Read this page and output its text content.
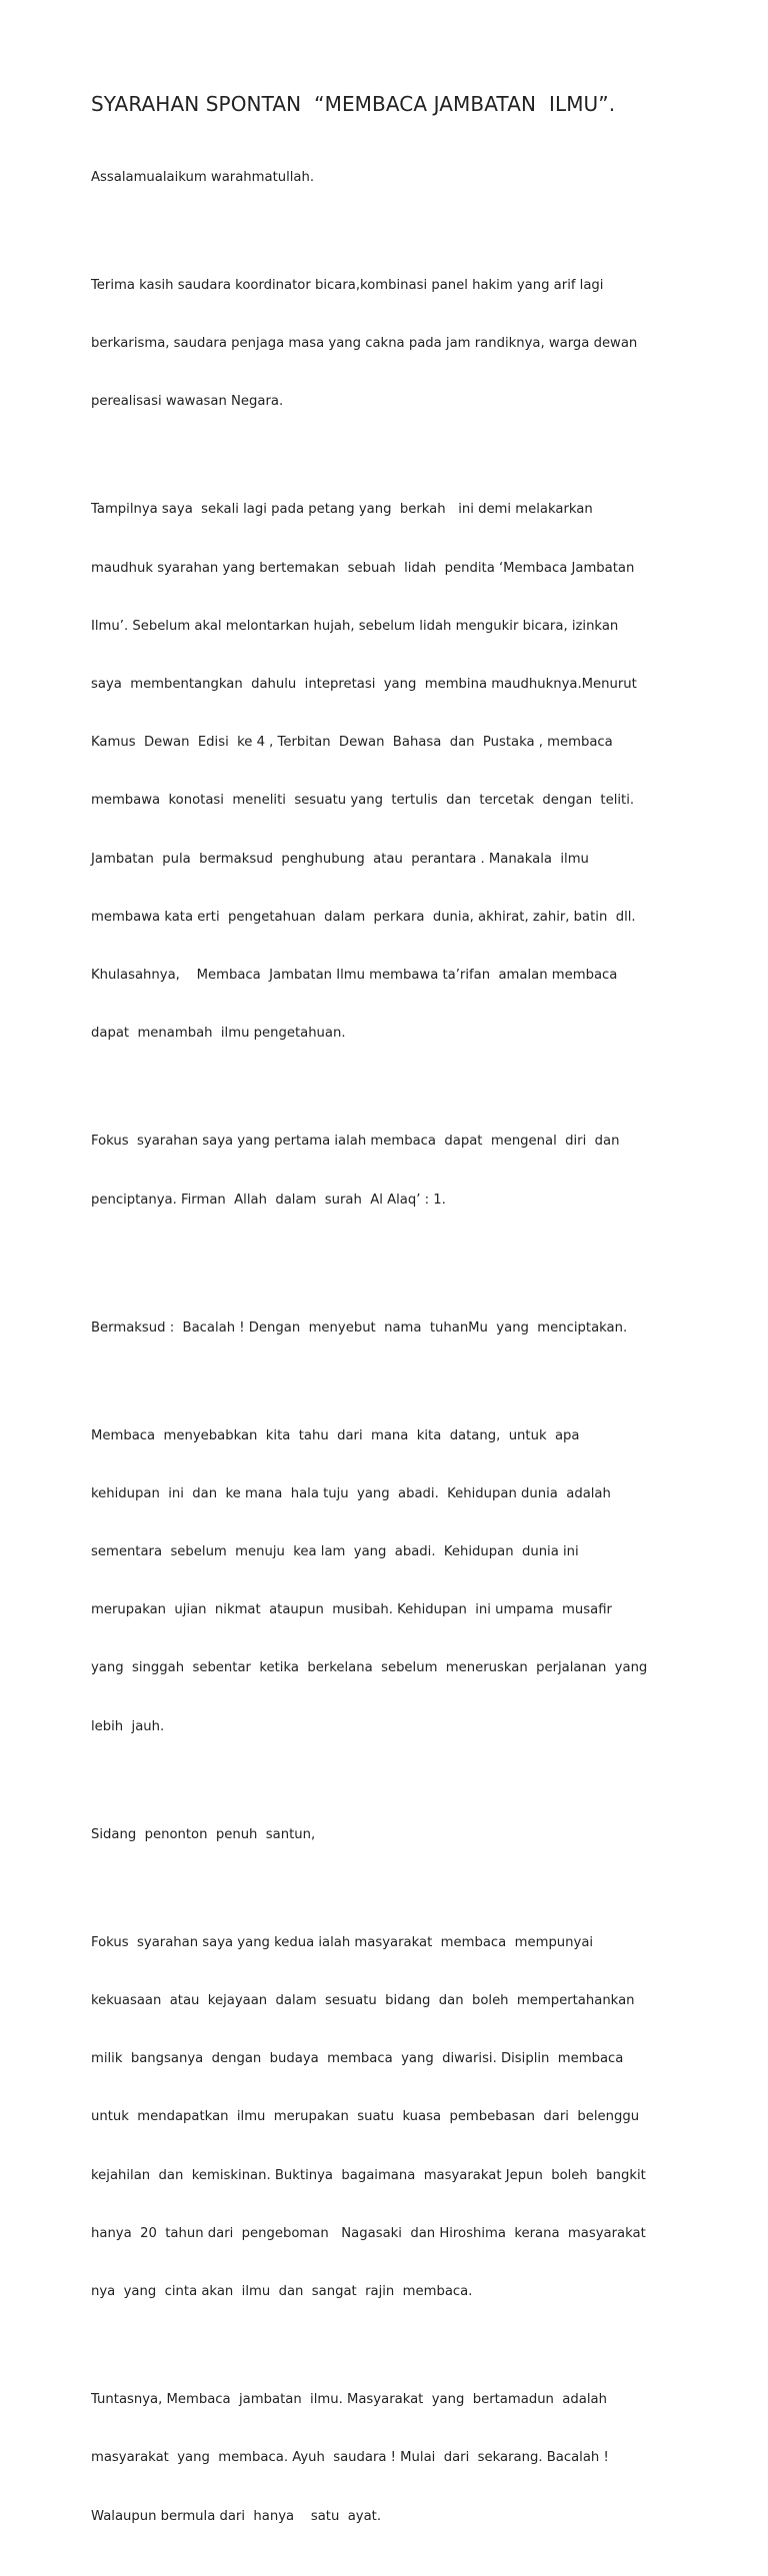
SYARAHAN SPONTAN  “MEMBACA JAMBATAN  ILMU”.

Assalamualaikum warahmatullah.

Terima kasih saudara koordinator bicara,kombinasi panel hakim yang arif lagi

berkarisma, saudara penjaga masa yang cakna pada jam randiknya, warga dewan

perealisasi wawasan Negara.

Tampilnya saya  sekali lagi pada petang yang  berkah   ini demi melakarkan

maudhuk syarahan yang bertemakan  sebuah  lidah  pendita ‘Membaca Jambatan

Ilmu’. Sebelum akal melontarkan hujah, sebelum lidah mengukir bicara, izinkan

saya  membentangkan  dahulu  intepretasi  yang  membina maudhuknya.Menurut

Kamus  Dewan  Edisi  ke 4 , Terbitan  Dewan  Bahasa  dan  Pustaka , membaca

membawa  konotasi  meneliti  sesuatu yang  tertulis  dan  tercetak  dengan  teliti.

Jambatan  pula  bermaksud  penghubung  atau  perantara . Manakala  ilmu

membawa kata erti  pengetahuan  dalam  perkara  dunia, akhirat, zahir, batin  dll.

Khulasahnya,    Membaca  Jambatan Ilmu membawa ta’rifan  amalan membaca

dapat  menambah  ilmu pengetahuan.

Fokus  syarahan saya yang pertama ialah membaca  dapat  mengenal  diri  dan

penciptanya. Firman  Allah  dalam  surah  Al Alaq’ : 1.

Bermaksud :  Bacalah ! Dengan  menyebut  nama  tuhanMu  yang  menciptakan.

Membaca  menyebabkan  kita  tahu  dari  mana  kita  datang,  untuk  apa

kehidupan  ini  dan  ke mana  hala tuju  yang  abadi.  Kehidupan dunia  adalah

sementara  sebelum  menuju  kea lam  yang  abadi.  Kehidupan  dunia ini

merupakan  ujian  nikmat  ataupun  musibah. Kehidupan  ini umpama  musafir

yang  singgah  sebentar  ketika  berkelana  sebelum  meneruskan  perjalanan  yang

lebih  jauh.

Sidang  penonton  penuh  santun,

Fokus  syarahan saya yang kedua ialah masyarakat  membaca  mempunyai

kekuasaan  atau  kejayaan  dalam  sesuatu  bidang  dan  boleh  mempertahankan

milik  bangsanya  dengan  budaya  membaca  yang  diwarisi. Disiplin  membaca

untuk  mendapatkan  ilmu  merupakan  suatu  kuasa  pembebasan  dari  belenggu

kejahilan  dan  kemiskinan. Buktinya  bagaimana  masyarakat Jepun  boleh  bangkit

hanya  20  tahun dari  pengeboman   Nagasaki  dan Hiroshima  kerana  masyarakat

nya  yang  cinta akan  ilmu  dan  sangat  rajin  membaca.

Tuntasnya, Membaca  jambatan  ilmu. Masyarakat  yang  bertamadun  adalah

masyarakat  yang  membaca. Ayuh  saudara ! Mulai  dari  sekarang. Bacalah !

Walaupun bermula dari  hanya    satu  ayat.
